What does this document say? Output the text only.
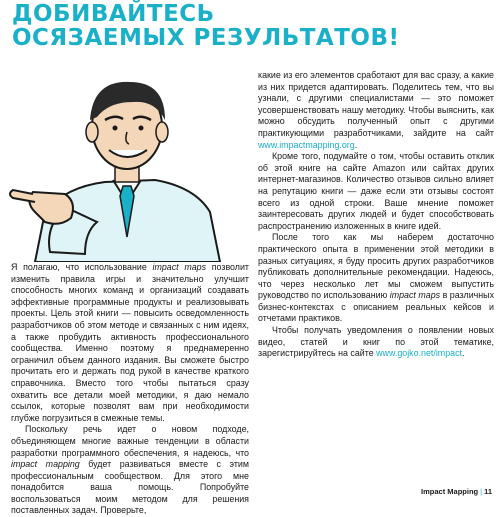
ДОБИВАЙТЕСЬ
ОСЯЗАЕМЫХ РЕЗУЛЬТАТОВ!

Я полагаю, что использование impact maps позволит изменить правила игры и значительно улучшит способность многих команд и организаций создавать эффективные программные продукты и реализовывать проекты. Цель этой книги — повысить осведомленность разработчиков об этом методе и связанных с ним идеях, а также пробудить активность профессионального сообщества. Именно поэтому я преднамеренно ограничил объем данного издания. Вы сможете быстро прочитать его и держать под рукой в качестве краткого справочника. Вместо того чтобы пытаться сразу охватить все детали моей методики, я даю немало ссылок, которые позволят вам при необходимости глубже погрузиться в смежные темы.

Поскольку речь идет о новом подходе, объединяющем многие важные тенденции в области разработки программного обеспечения, я надеюсь, что impact mapping будет развиваться вместе с этим профессиональным сообществом. Для этого мне понадобится ваша помощь. Попробуйте воспользоваться моим методом для решения поставленных задач. Проверьте,

какие из его элементов сработают для вас сразу, а какие из них придется адаптировать. Поделитесь тем, что вы узнали, с другими специалистами — это поможет усовершенствовать нашу методику. Чтобы выяснить, как можно обсудить полученный опыт с другими практикующими разработчиками, зайдите на сайт www.impactmapping.org.

Кроме того, подумайте о том, чтобы оставить отклик об этой книге на сайте Amazon или сайтах других интернет-магазинов. Количество отзывов сильно влияет на репутацию книги — даже если эти отзывы состоят всего из одной строки. Ваше мнение поможет заинтересовать других людей и будет способствовать распространению изложенных в книге идей.

После того как мы наберем достаточно практического опыта в применении этой методики в разных ситуациях, я буду просить других разработчиков публиковать дополнительные рекомендации. Надеюсь, что через несколько лет мы сможем выпустить руководство по использованию impact maps в различных бизнес-контекстах с описанием реальных кейсов и отчетами практиков.

Чтобы получать уведомления о появлении новых видео, статей и книг по этой тематике, зарегистрируйтесь на сайте www.gojko.net/impact.

Impact Mapping | 11
